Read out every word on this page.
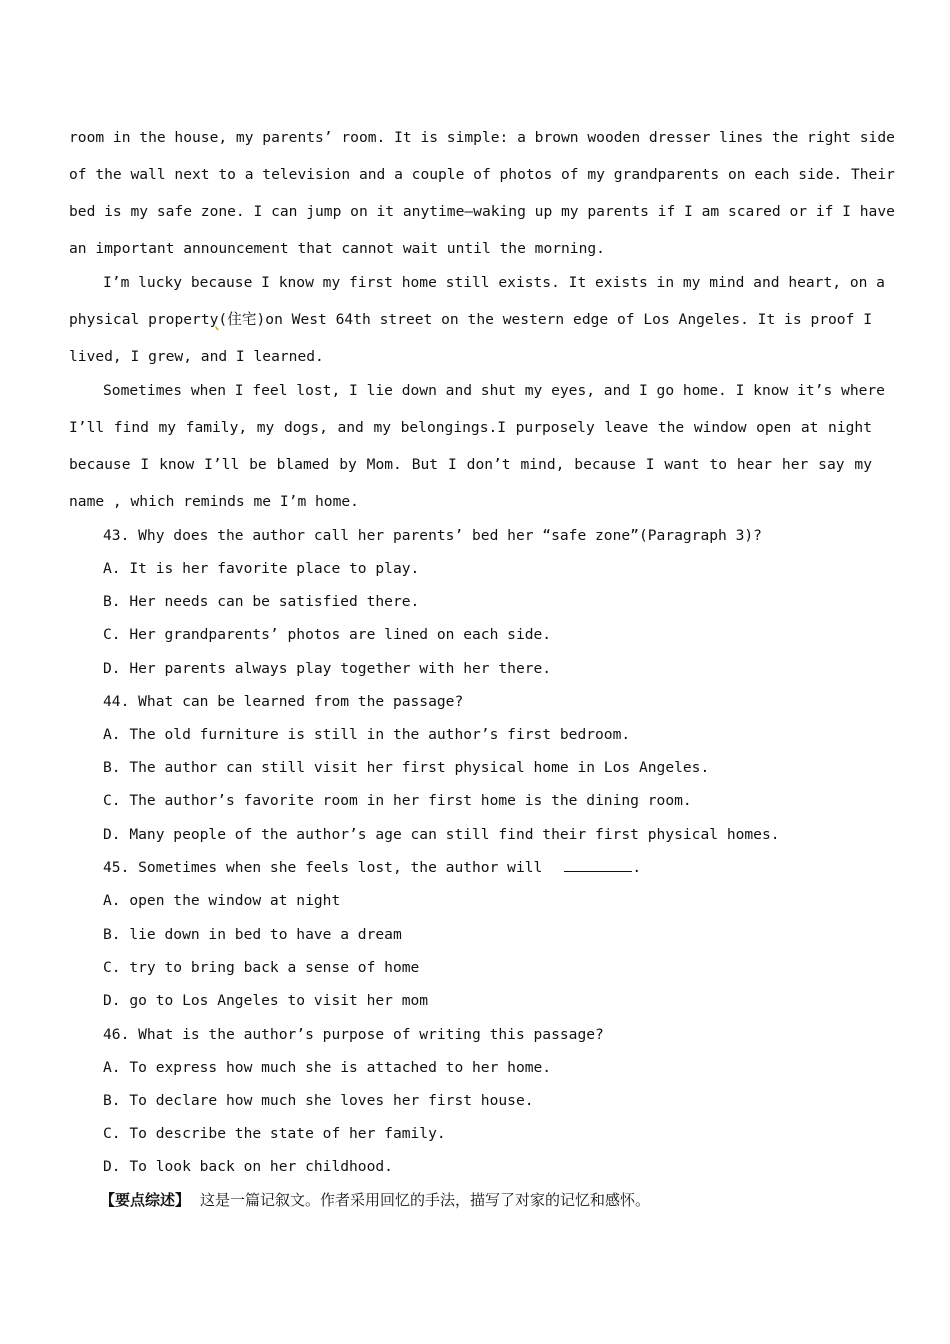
room in the house, my parents’ room. It is simple: a brown wooden dresser lines the right side
of the wall next to a television and a couple of photos of my grandparents on each side. Their
bed is my safe zone. I can jump on it anytime—waking up my parents if I am scared or if I have
an important announcement that cannot wait until the morning.
I’m lucky because I know my first home still exists. It exists in my mind and heart, on a
physical property(住宅)on West 64th street on the western edge of Los Angeles. It is proof I
lived, I grew, and I learned.
Sometimes when I feel lost, I lie down and shut my eyes, and I go home. I know it’s where
I’ll find my family, my dogs, and my belongings.I purposely leave the window open at night
because I know I’ll be blamed by Mom. But I don’t mind, because I want to hear her say my
name , which reminds me I’m home.
43. Why does the author call her parents’ bed her “safe zone”(Paragraph 3)?
A. It is her favorite place to play.
B. Her needs can be satisfied there.
C. Her grandparents’ photos are lined on each side.
D. Her parents always play together with her there.
44. What can be learned from the passage?
A. The old furniture is still in the author’s first bedroom.
B. The author can still visit her first physical home in Los Angeles.
C. The author’s favorite room in her first home is the dining room.
D. Many people of the author’s age can still find their first physical homes.
45. Sometimes when she feels lost, the author will	.
A. open the window at night
B. lie down in bed to have a dream
C. try to bring back a sense of home
D. go to Los Angeles to visit her mom
46. What is the author’s purpose of writing this passage?
A. To express how much she is attached to her home.
B. To declare how much she loves her first house.
C. To describe the state of her family.
D. To look back on her childhood.
【要点综述】 这是一篇记叙文。作者采用回忆的手法，描写了对家的记忆和感怀。
